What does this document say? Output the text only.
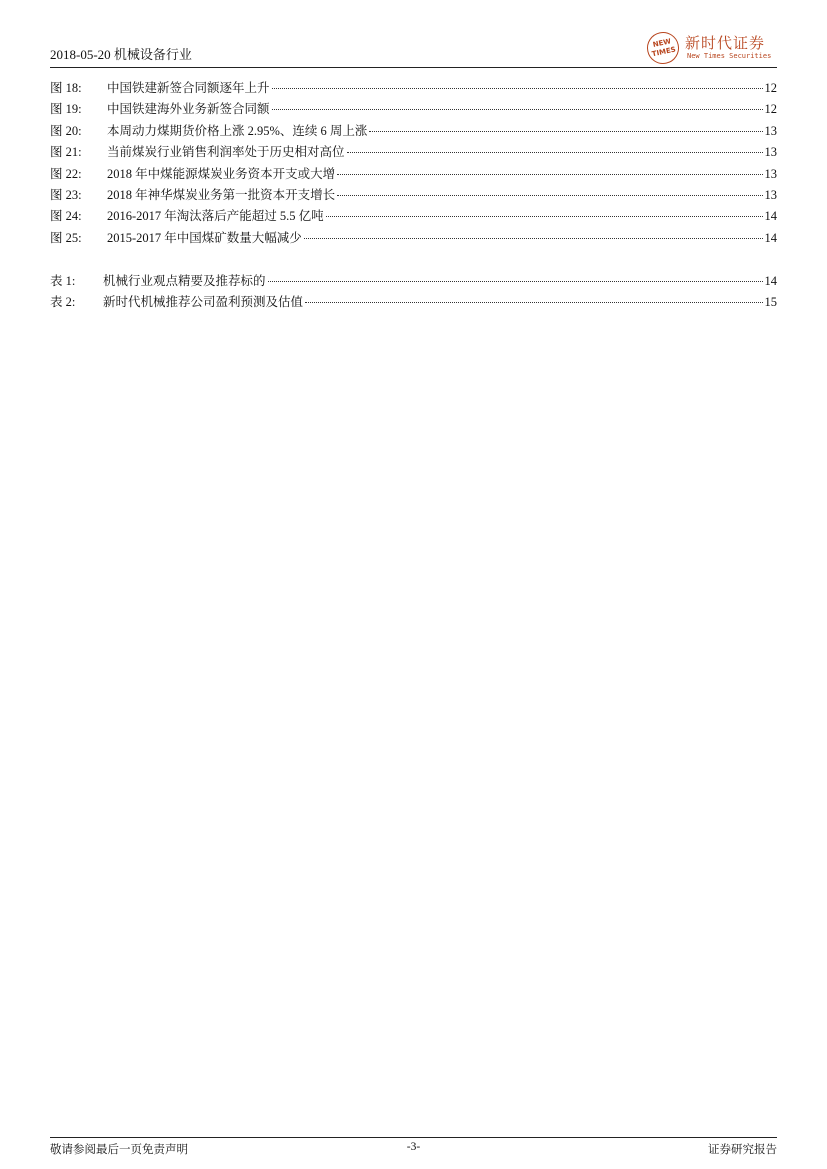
2018-05-20 机械设备行业
NEW
TIMES 新时代证券
New Times Securities
图 18:	中国铁建新签合同额逐年上升	12
图 19:	中国铁建海外业务新签合同额	12
图 20:	本周动力煤期货价格上涨 2.95%、连续 6 周上涨	13
图 21:	当前煤炭行业销售利润率处于历史相对高位	13
图 22:	2018 年中煤能源煤炭业务资本开支或大增	13
图 23:	2018 年神华煤炭业务第一批资本开支增长	13
图 24:	2016-2017 年淘汰落后产能超过 5.5 亿吨	14
图 25:	2015-2017 年中国煤矿数量大幅减少	14
表 1:	机械行业观点精要及推荐标的	14
表 2:	新时代机械推荐公司盈利预测及估值	15
敬请参阅最后一页免责声明	-3-	证券研究报告
